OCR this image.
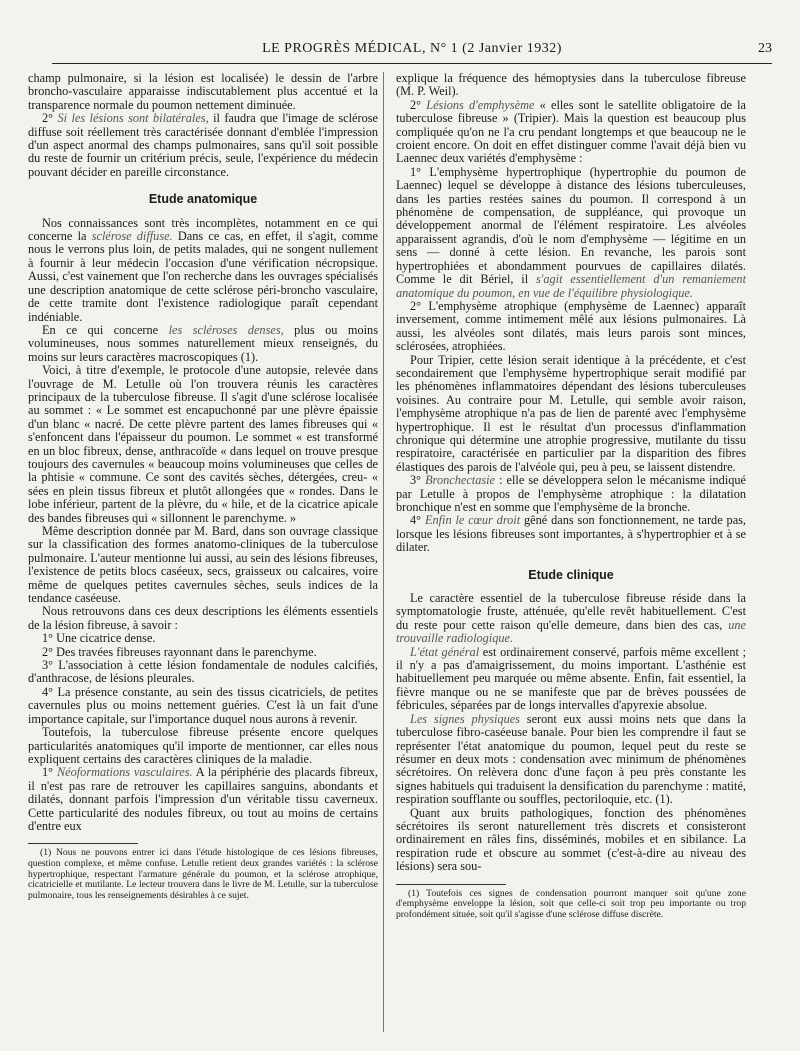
LE PROGRÈS MÉDICAL, N° 1 (2 Janvier 1932)	23

champ pulmonaire, si la lésion est localisée) le dessin de l'arbre broncho-vasculaire apparaisse indiscutablement plus accentué et la transparence normale du poumon nettement diminuée.

2° Si les lésions sont bilatérales, il faudra que l'image de sclérose diffuse soit réellement très caractérisée donnant d'emblée l'impression d'un aspect anormal des champs pulmonaires, sans qu'il soit possible du reste de fournir un critérium précis, seule, l'expérience du médecin pouvant décider en pareille circonstance.

Etude anatomique

Nos connaissances sont très incomplètes, notamment en ce qui concerne la sclérose diffuse. Dans ce cas, en effet, il s'agit, comme nous le verrons plus loin, de petits malades, qui ne songent nullement à fournir à leur médecin l'occasion d'une vérification nécropsique. Aussi, c'est vainement que l'on recherche dans les ouvrages spécialisés une description anatomique de cette sclérose péri-broncho vasculaire, de cette tramite dont l'existence radiologique paraît cependant indéniable.

En ce qui concerne les scléroses denses, plus ou moins volumineuses, nous sommes naturellement mieux renseignés, du moins sur leurs caractères macroscopiques (1).

Voici, à titre d'exemple, le protocole d'une autopsie, relevée dans l'ouvrage de M. Letulle où l'on trouvera réunis les caractères principaux de la tuberculose fibreuse. Il s'agit d'une sclérose localisée au sommet : « Le sommet est encapuchonné par une plèvre épaissie d'un blanc « nacré. De cette plèvre partent des lames fibreuses qui « s'enfoncent dans l'épaisseur du poumon. Le sommet « est transformé en un bloc fibreux, dense, anthracoïde « dans lequel on trouve presque toujours des cavernules « beaucoup moins volumineuses que celles de la phtisie « commune. Ce sont des cavités sèches, détergées, creu- « sées en plein tissus fibreux et plutôt allongées que « rondes. Dans le lobe inférieur, partent de la plèvre, du « hile, et de la cicatrice apicale des bandes fibreuses qui « sillonnent le parenchyme. »

Même description donnée par M. Bard, dans son ouvrage classique sur la classification des formes anatomo-cliniques de la tuberculose pulmonaire. L'auteur mentionne lui aussi, au sein des lésions fibreuses, l'existence de petits blocs caséeux, secs, graisseux ou calcaires, voire même de quelques petites cavernules sèches, seuls indices de la tendance caséeuse.

Nous retrouvons dans ces deux descriptions les éléments essentiels de la lésion fibreuse, à savoir :

1° Une cicatrice dense.

2° Des travées fibreuses rayonnant dans le parenchyme.

3° L'association à cette lésion fondamentale de nodules calcifiés, d'anthracose, de lésions pleurales.

4° La présence constante, au sein des tissus cicatriciels, de petites cavernules plus ou moins nettement guéries. C'est là un fait d'une importance capitale, sur l'importance duquel nous aurons à revenir.

Toutefois, la tuberculose fibreuse présente encore quelques particularités anatomiques qu'il importe de mentionner, car elles nous expliquent certains des caractères cliniques de la maladie.

1° Néoformations vasculaires. A la périphérie des placards fibreux, il n'est pas rare de retrouver les capillaires sanguins, abondants et dilatés, donnant parfois l'impression d'un véritable tissu caverneux. Cette particularité des nodules fibreux, ou tout au moins de certains d'entre eux

(1) Nous ne pouvons entrer ici dans l'étude histologique de ces lésions fibreuses, question complexe, et même confuse. Letulle retient deux grandes variétés : la sclérose hypertrophique, respectant l'armature générale du poumon, et la sclérose atrophique, cicatricielle et mutilante. Le lecteur trouvera dans le livre de M. Letulle, sur la tuberculose pulmonaire, tous les renseignements désirables à ce sujet.

explique la fréquence des hémoptysies dans la tuberculose fibreuse (M. P. Weil).

2° Lésions d'emphysème « elles sont le satellite obligatoire de la tuberculose fibreuse » (Tripier). Mais la question est beaucoup plus compliquée qu'on ne l'a cru pendant longtemps et que beaucoup ne le croient encore. On doit en effet distinguer comme l'avait déjà bien vu Laennec deux variétés d'emphysème :

1° L'emphysème hypertrophique (hypertrophie du poumon de Laennec) lequel se développe à distance des lésions tuberculeuses, dans les parties restées saines du poumon. Il correspond à un phénomène de compensation, de suppléance, qui provoque un développement anormal de l'élément respiratoire. Les alvéoles apparaissent agrandis, d'où le nom d'emphysème — légitime en un sens — donné à cette lésion. En revanche, les parois sont hypertrophiées et abondamment pourvues de capillaires dilatés. Comme le dit Bériel, il s'agit essentiellement d'un remaniement anatomique du poumon, en vue de l'équilibre physiologique.

2° L'emphysème atrophique (emphysème de Laennec) apparaît inversement, comme intimement mêlé aux lésions pulmonaires. Là aussi, les alvéoles sont dilatés, mais leurs parois sont minces, sclérosées, atrophiées.

Pour Tripier, cette lésion serait identique à la précédente, et c'est secondairement que l'emphysème hypertrophique serait modifié par les phénomènes inflammatoires dépendant des lésions tuberculeuses voisines. Au contraire pour M. Letulle, qui semble avoir raison, l'emphysème atrophique n'a pas de lien de parenté avec l'emphysème hypertrophique. Il est le résultat d'un processus d'inflammation chronique qui détermine une atrophie progressive, mutilante du tissu respiratoire, caractérisée en particulier par la disparition des fibres élastiques des parois de l'alvéole qui, peu à peu, se laissent distendre.

3° Bronchectasie : elle se développera selon le mécanisme indiqué par Letulle à propos de l'emphysème atrophique : la dilatation bronchique n'est en somme que l'emphysème de la bronche.

4° Enfin le cœur droit gêné dans son fonctionnement, ne tarde pas, lorsque les lésions fibreuses sont importantes, à s'hypertrophier et à se dilater.

Etude clinique

Le caractère essentiel de la tuberculose fibreuse réside dans la symptomatologie fruste, atténuée, qu'elle revêt habituellement. C'est du reste pour cette raison qu'elle demeure, dans bien des cas, une trouvaille radiologique.

L'état général est ordinairement conservé, parfois même excellent ; il n'y a pas d'amaigrissement, du moins important. L'asthénie est habituellement peu marquée ou même absente. Enfin, fait essentiel, la fièvre manque ou ne se manifeste que par de brèves poussées de fébricules, séparées par de longs intervalles d'apyrexie absolue.

Les signes physiques seront eux aussi moins nets que dans la tuberculose fibro-caséeuse banale. Pour bien les comprendre il faut se représenter l'état anatomique du poumon, lequel peut du reste se résumer en deux mots : condensation avec minimum de phénomènes sécrétoires. On relèvera donc d'une façon à peu près constante les signes habituels qui traduisent la densification du parenchyme : matité, respiration soufflante ou souffles, pectoriloquie, etc. (1).

Quant aux bruits pathologiques, fonction des phénomènes sécrétoires ils seront naturellement très discrets et consisteront ordinairement en râles fins, disséminés, mobiles et en sibilance. La respiration rude et obscure au sommet (c'est-à-dire au niveau des lésions) sera sou-

(1) Toutefois ces signes de condensation pourront manquer soit qu'une zone d'emphysème enveloppe la lésion, soit que celle-ci soit trop peu importante ou trop profondément située, soit qu'il s'agisse d'une sclérose diffuse discrète.
